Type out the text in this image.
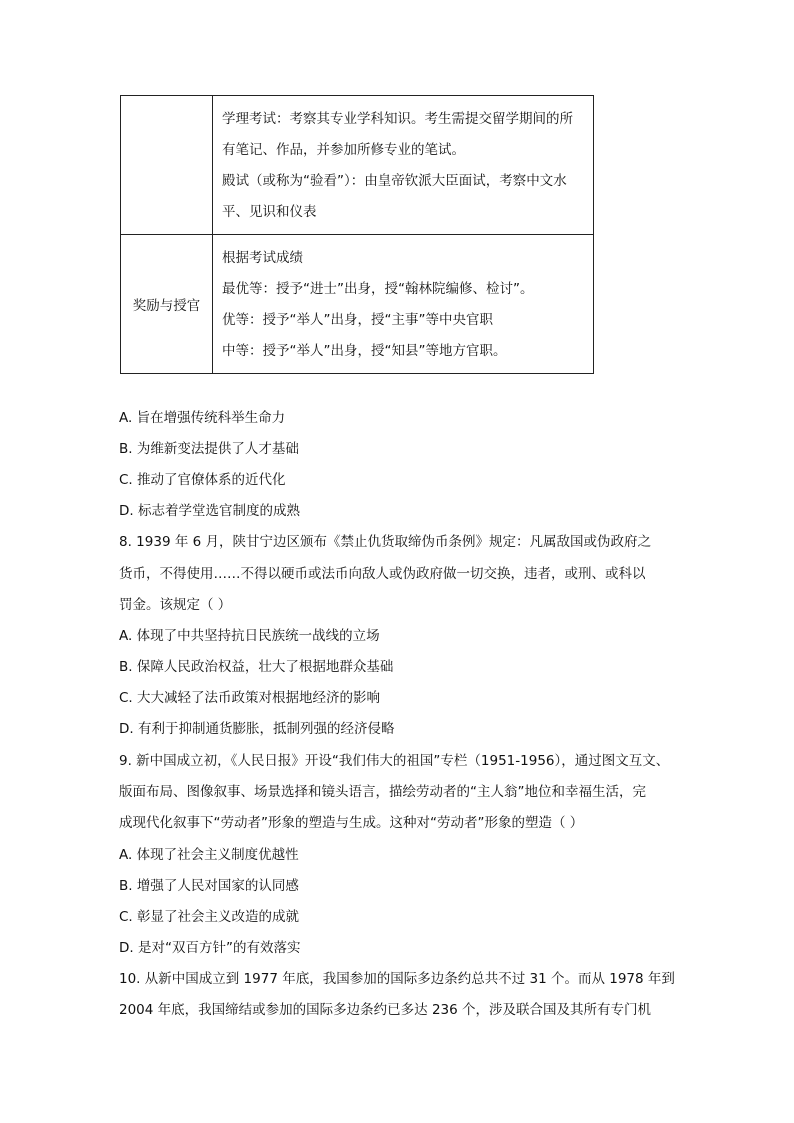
	学理考试：考察其专业学科知识。考生需提交留学期间的所
有笔记、作品，并参加所修专业的笔试。
殿试（或称为“验看”）：由皇帝钦派大臣面试，考察中文水
平、见识和仪表

奖励与授官	根据考试成绩
最优等：授予“进士”出身，授“翰林院编修、检讨”。
优等：授予“举人”出身，授“主事”等中央官职
中等：授予“举人”出身，授“知县”等地方官职。
A. 旨在增强传统科举生命力
B. 为维新变法提供了人才基础
C. 推动了官僚体系的近代化
D. 标志着学堂选官制度的成熟
8. 1939 年 6 月，陕甘宁边区颁布《禁止仇货取缔伪币条例》规定：凡属敌国或伪政府之
货币，不得使用……不得以硬币或法币向敌人或伪政府做一切交换，违者，或刑、或科以
罚金。该规定（ ）
A. 体现了中共坚持抗日民族统一战线的立场
B. 保障人民政治权益，壮大了根据地群众基础
C. 大大减轻了法币政策对根据地经济的影响
D. 有利于抑制通货膨胀，抵制列强的经济侵略
9. 新中国成立初，《人民日报》开设“我们伟大的祖国”专栏（1951-1956），通过图文互文、
版面布局、图像叙事、场景选择和镜头语言，描绘劳动者的“主人翁”地位和幸福生活，完
成现代化叙事下“劳动者”形象的塑造与生成。这种对“劳动者”形象的塑造（ ）
A. 体现了社会主义制度优越性
B. 增强了人民对国家的认同感
C. 彰显了社会主义改造的成就
D. 是对“双百方针”的有效落实
10. 从新中国成立到 1977 年底，我国参加的国际多边条约总共不过 31 个。而从 1978 年到
2004 年底，我国缔结或参加的国际多边条约已多达 236 个，涉及联合国及其所有专门机
